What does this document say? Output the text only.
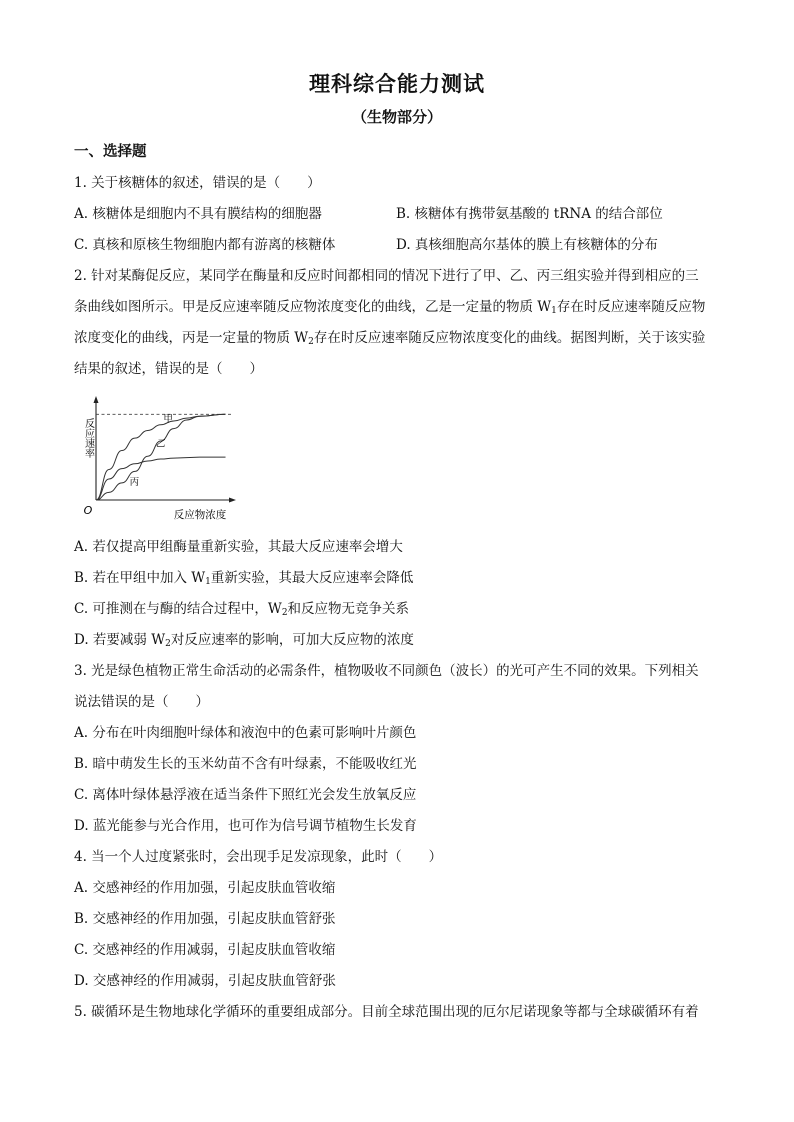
理科综合能力测试
（生物部分）
一、选择题
1. 关于核糖体的叙述，错误的是（　　）
A. 核糖体是细胞内不具有膜结构的细胞器	B. 核糖体有携带氨基酸的 tRNA 的结合部位
C. 真核和原核生物细胞内都有游离的核糖体	D. 真核细胞高尔基体的膜上有核糖体的分布
2. 针对某酶促反应，某同学在酶量和反应时间都相同的情况下进行了甲、乙、丙三组实验并得到相应的三
条曲线如图所示。甲是反应速率随反应物浓度变化的曲线，乙是一定量的物质 $W_1$存在时反应速率随反应物
浓度变化的曲线，丙是一定量的物质 $W_2$存在时反应速率随反应物浓度变化的曲线。据图判断，关于该实验
结果的叙述，错误的是（　　）
反应速率
反应物浓度
O
甲
乙
丙
A. 若仅提高甲组酶量重新实验，其最大反应速率会增大
B. 若在甲组中加入 $W_1$重新实验，其最大反应速率会降低
C. 可推测在与酶的结合过程中，$W_2$和反应物无竞争关系
D. 若要减弱 $W_2$对反应速率的影响，可加大反应物的浓度
3. 光是绿色植物正常生命活动的必需条件，植物吸收不同颜色（波长）的光可产生不同的效果。下列相关
说法错误的是（　　）
A. 分布在叶肉细胞叶绿体和液泡中的色素可影响叶片颜色
B. 暗中萌发生长的玉米幼苗不含有叶绿素，不能吸收红光
C. 离体叶绿体悬浮液在适当条件下照红光会发生放氧反应
D. 蓝光能参与光合作用，也可作为信号调节植物生长发育
4. 当一个人过度紧张时，会出现手足发凉现象，此时（　　）
A. 交感神经的作用加强，引起皮肤血管收缩
B. 交感神经的作用加强，引起皮肤血管舒张
C. 交感神经的作用减弱，引起皮肤血管收缩
D. 交感神经的作用减弱，引起皮肤血管舒张
5. 碳循环是生物地球化学循环的重要组成部分。目前全球范围出现的厄尔尼诺现象等都与全球碳循环有着
